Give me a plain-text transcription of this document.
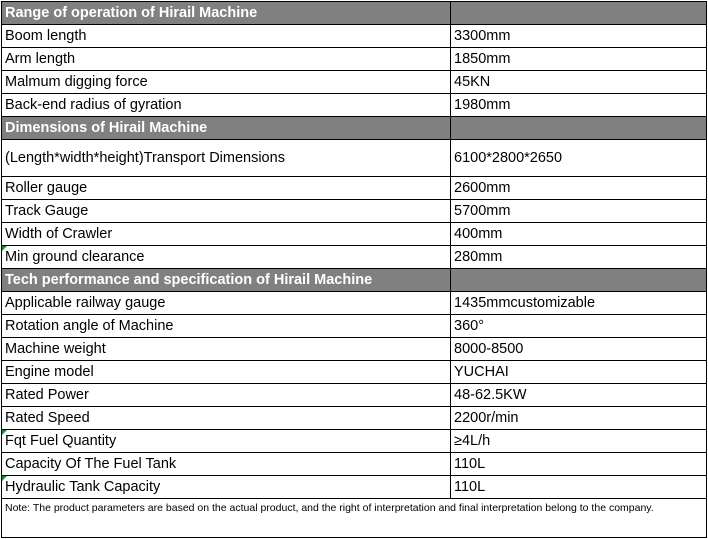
Range of operation of Hirail Machine	
Boom length	3300mm
Arm length	1850mm
Malmum digging force	45KN
Back-end radius of gyration	1980mm
Dimensions of Hirail Machine	
(Length*width*height)Transport Dimensions	6100*2800*2650
Roller gauge	2600mm
Track Gauge	5700mm
Width of Crawler	400mm
Min ground clearance	280mm
Tech performance and specification of Hirail Machine	
Applicable railway gauge	1435mmcustomizable
Rotation angle of Machine	360°
Machine weight	8000-8500
Engine model	YUCHAI
Rated Power	48-62.5KW
Rated Speed	2200r/min
Fqt Fuel Quantity	≥4L/h
Capacity Of The Fuel Tank	110L
Hydraulic Tank Capacity	110L
Note: The product parameters are based on the actual product, and the right of interpretation and final interpretation belong to the company.	
